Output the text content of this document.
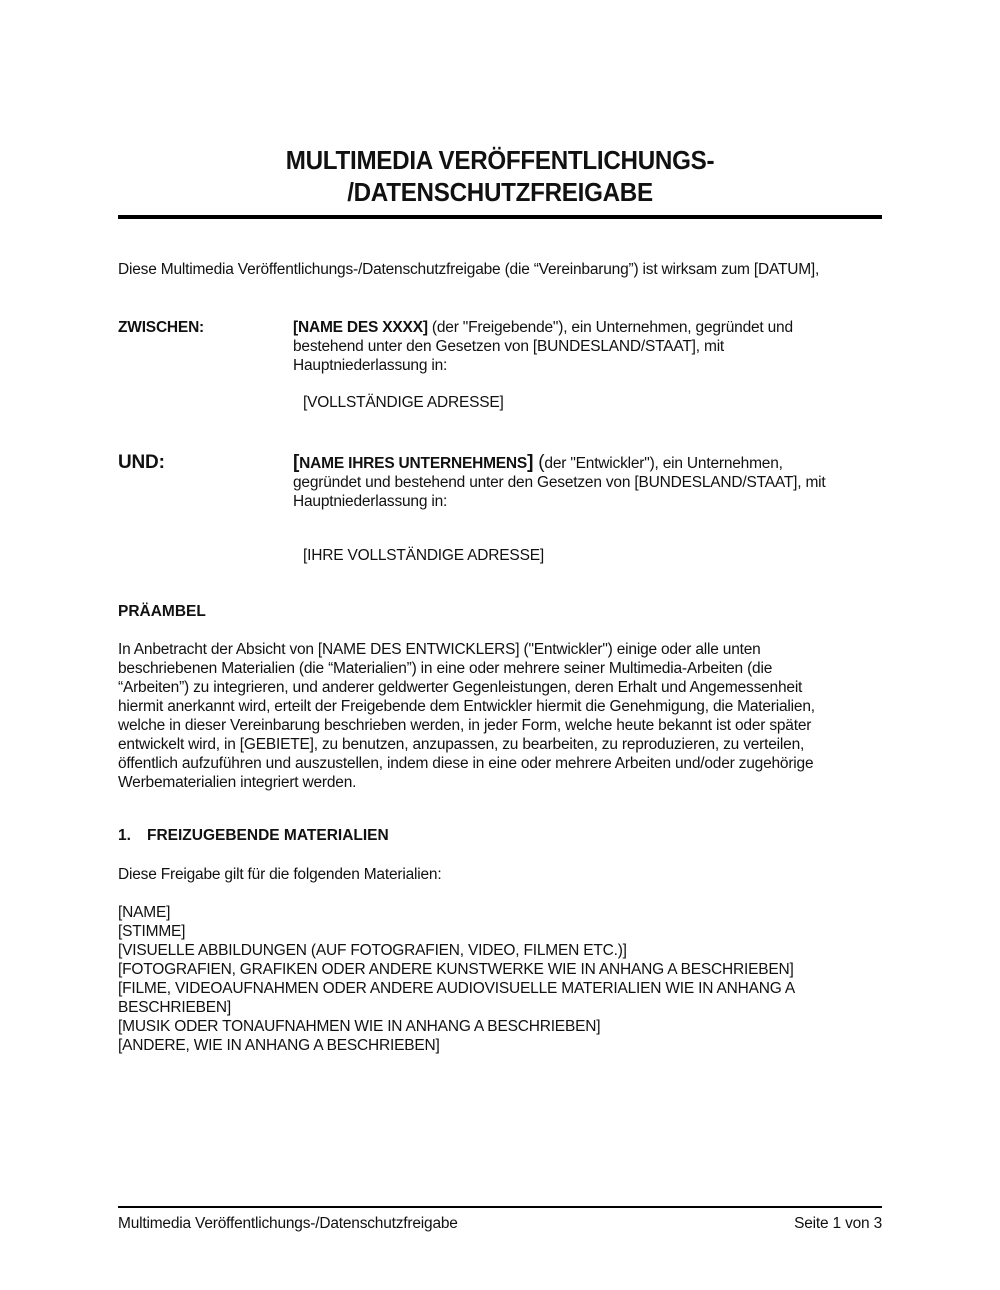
MULTIMEDIA VERÖFFENTLICHUNGS-
/DATENSCHUTZFREIGABE
Diese Multimedia Veröffentlichungs-/Datenschutzfreigabe (die “Vereinbarung”) ist wirksam zum [DATUM],
ZWISCHEN:	[NAME DES XXXX] (der "Freigebende"), ein Unternehmen, gegründet und
bestehend unter den Gesetzen von [BUNDESLAND/STAAT], mit
Hauptniederlassung in:
[VOLLSTÄNDIGE ADRESSE]
UND:	[NAME IHRES UNTERNEHMENS] (der "Entwickler"), ein Unternehmen,
gegründet und bestehend unter den Gesetzen von [BUNDESLAND/STAAT], mit
Hauptniederlassung in:
[IHRE VOLLSTÄNDIGE ADRESSE]
PRÄAMBEL
In Anbetracht der Absicht von [NAME DES ENTWICKLERS] ("Entwickler") einige oder alle unten
beschriebenen Materialien (die “Materialien”) in eine oder mehrere seiner Multimedia-Arbeiten (die
“Arbeiten”) zu integrieren, und anderer geldwerter Gegenleistungen, deren Erhalt und Angemessenheit
hiermit anerkannt wird, erteilt der Freigebende dem Entwickler hiermit die Genehmigung, die Materialien,
welche in dieser Vereinbarung beschrieben werden, in jeder Form, welche heute bekannt ist oder später
entwickelt wird, in [GEBIETE], zu benutzen, anzupassen, zu bearbeiten, zu reproduzieren, zu verteilen,
öffentlich aufzuführen und auszustellen, indem diese in eine oder mehrere Arbeiten und/oder zugehörige
Werbematerialien integriert werden.
1. FREIZUGEBENDE MATERIALIEN
Diese Freigabe gilt für die folgenden Materialien:
[NAME]
[STIMME]
[VISUELLE ABBILDUNGEN (AUF FOTOGRAFIEN, VIDEO, FILMEN ETC.)]
[FOTOGRAFIEN, GRAFIKEN ODER ANDERE KUNSTWERKE WIE IN ANHANG A BESCHRIEBEN]
[FILME, VIDEOAUFNAHMEN ODER ANDERE AUDIOVISUELLE MATERIALIEN WIE IN ANHANG A
BESCHRIEBEN]
[MUSIK ODER TONAUFNAHMEN WIE IN ANHANG A BESCHRIEBEN]
[ANDERE, WIE IN ANHANG A BESCHRIEBEN]
Multimedia Veröffentlichungs-/Datenschutzfreigabe	Seite 1 von 3
